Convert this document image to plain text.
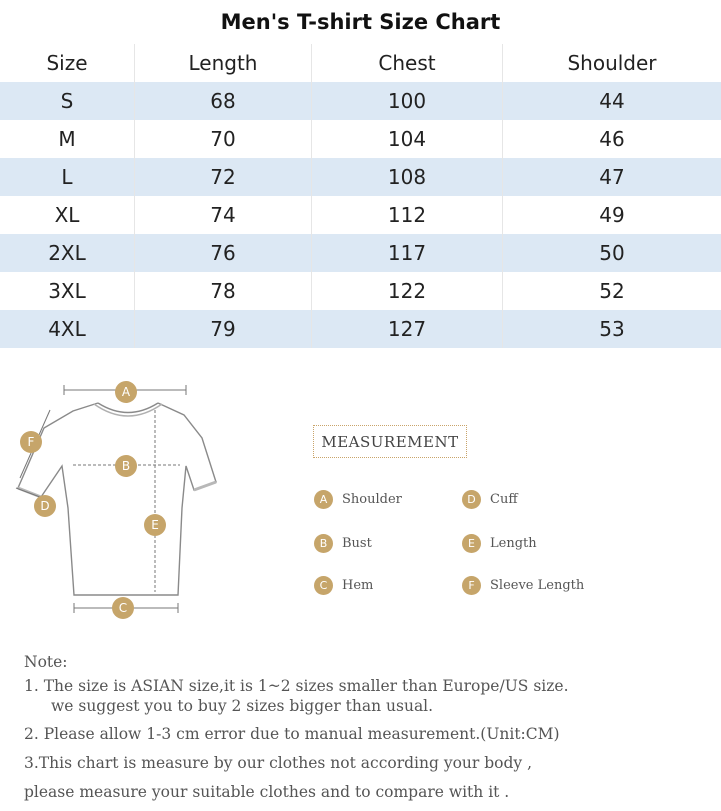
Men's T-shirt Size Chart
Size	Length	Chest	Shoulder
S	68	100	44
M	70	104	46
L	72	108	47
XL	74	112	49
2XL	76	117	50
3XL	78	122	52
4XL	79	127	53
A
B
C
D
E
F	MEASUREMENT
A	Shoulder
B	Bust
C	Hem
D	Cuff
E	Length
F	Sleeve Length
Note:
1. The size is ASIAN size,it is 1~2 sizes smaller than Europe/US size.
we suggest you to buy 2 sizes bigger than usual.
2. Please allow 1-3 cm error due to manual measurement.(Unit:CM)
3.This chart is measure by our clothes not according your body ,
please measure your suitable clothes and to compare with it .
